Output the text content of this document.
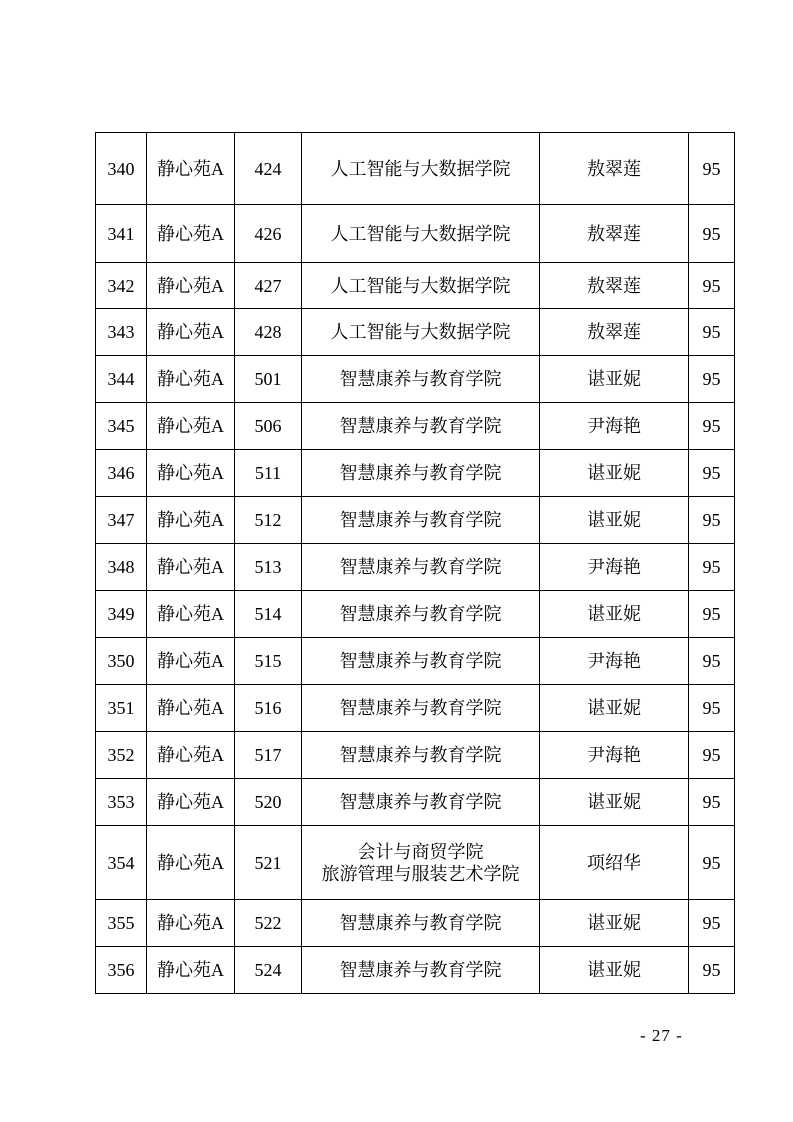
340	静心苑A	424	人工智能与大数据学院	敖翠莲	95
341	静心苑A	426	人工智能与大数据学院	敖翠莲	95
342	静心苑A	427	人工智能与大数据学院	敖翠莲	95
343	静心苑A	428	人工智能与大数据学院	敖翠莲	95
344	静心苑A	501	智慧康养与教育学院	谌亚妮	95
345	静心苑A	506	智慧康养与教育学院	尹海艳	95
346	静心苑A	511	智慧康养与教育学院	谌亚妮	95
347	静心苑A	512	智慧康养与教育学院	谌亚妮	95
348	静心苑A	513	智慧康养与教育学院	尹海艳	95
349	静心苑A	514	智慧康养与教育学院	谌亚妮	95
350	静心苑A	515	智慧康养与教育学院	尹海艳	95
351	静心苑A	516	智慧康养与教育学院	谌亚妮	95
352	静心苑A	517	智慧康养与教育学院	尹海艳	95
353	静心苑A	520	智慧康养与教育学院	谌亚妮	95
354	静心苑A	521	会计与商贸学院
旅游管理与服装艺术学院	项绍华	95
355	静心苑A	522	智慧康养与教育学院	谌亚妮	95
356	静心苑A	524	智慧康养与教育学院	谌亚妮	95
- 27 -
